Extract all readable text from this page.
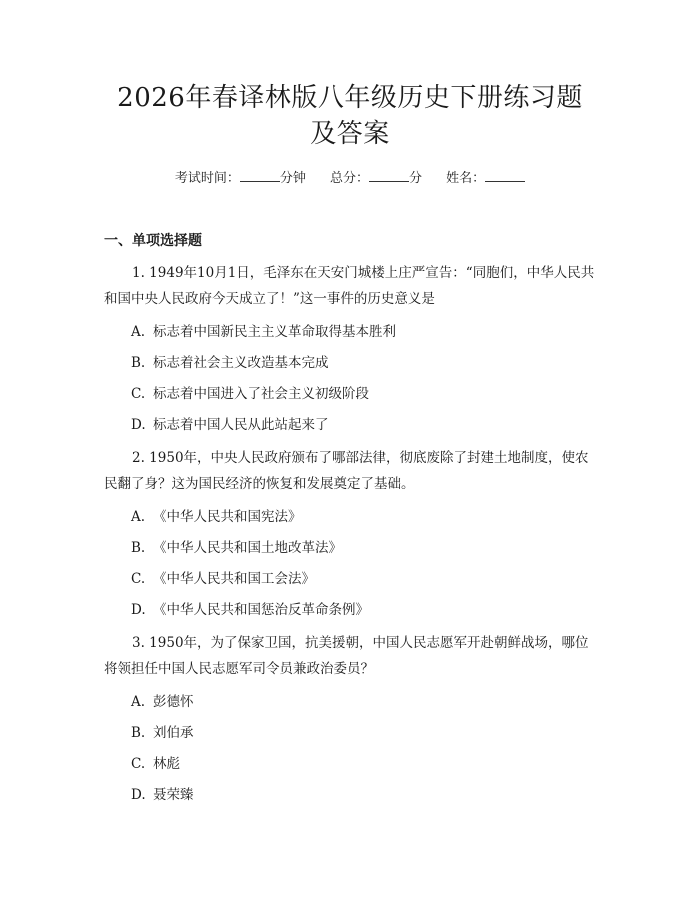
2026年春译林版八年级历史下册练习题及答案
考试时间：	分钟 总分：	分 姓名：
一、单项选择题
1. 1949年10月1日，毛泽东在天安门城楼上庄严宣告：“同胞们，中华人民共和国中央人民政府今天成立了！”这一事件的历史意义是
A. 标志着中国新民主主义革命取得基本胜利
B. 标志着社会主义改造基本完成
C. 标志着中国进入了社会主义初级阶段
D. 标志着中国人民从此站起来了
2. 1950年，中央人民政府颁布了哪部法律，彻底废除了封建土地制度，使农民翻了身？这为国民经济的恢复和发展奠定了基础。
A. 《中华人民共和国宪法》
B. 《中华人民共和国土地改革法》
C. 《中华人民共和国工会法》
D. 《中华人民共和国惩治反革命条例》
3. 1950年，为了保家卫国，抗美援朝，中国人民志愿军开赴朝鲜战场，哪位将领担任中国人民志愿军司令员兼政治委员？
A. 彭德怀
B. 刘伯承
C. 林彪
D. 聂荣臻
